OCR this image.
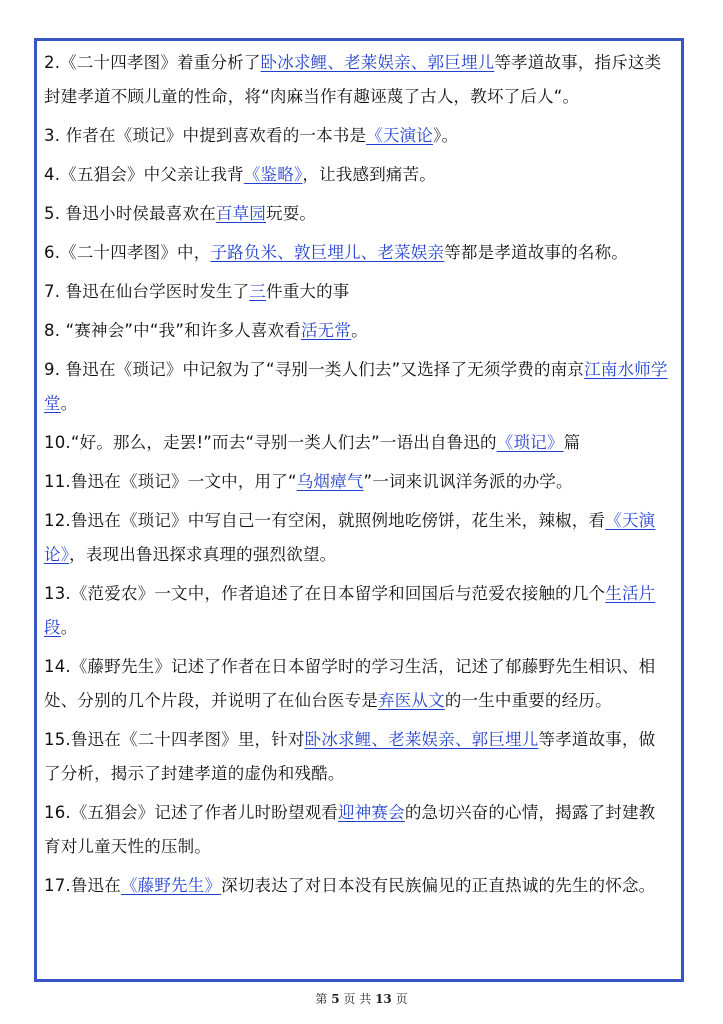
2.《二十四孝图》着重分析了卧冰求鲤、老莱娱亲、郭巨埋儿等孝道故事，指斥这类封建孝道不顾儿童的性命，将“肉麻当作有趣诬蔑了古人，教坏了后人“。

3. 作者在《琐记》中提到喜欢看的一本书是《天演论》。

4.《五猖会》中父亲让我背《鉴略》，让我感到痛苦。

5. 鲁迅小时侯最喜欢在百草园玩耍。

6.《二十四孝图》中，子路负米、敦巨埋儿、老菜娱亲等都是孝道故事的名称。

7. 鲁迅在仙台学医时发生了三件重大的事

8. “赛神会”中“我”和许多人喜欢看活无常。

9. 鲁迅在《琐记》中记叙为了“寻别一类人们去”又选择了无须学费的南京江南水师学堂。

10.“好。那么，走罢!”而去“寻别一类人们去”一语出自鲁迅的《琐记》篇

11.鲁迅在《琐记》一文中，用了“乌烟瘴气”一词来讥讽洋务派的办学。

12.鲁迅在《琐记》中写自己一有空闲，就照例地吃傍饼，花生米，辣椒，看《天演论》，表现出鲁迅探求真理的强烈欲望。

13.《范爱农》一文中，作者追述了在日本留学和回国后与范爱农接触的几个生活片段。

14.《藤野先生》记述了作者在日本留学时的学习生活，记述了郁藤野先生相识、相处、分别的几个片段，并说明了在仙台医专是弃医从文的一生中重要的经历。

15.鲁迅在《二十四孝图》里，针对卧冰求鲤、老莱娱亲、郭巨埋儿等孝道故事，做了分析，揭示了封建孝道的虚伪和残酷。

16.《五猖会》记述了作者儿时盼望观看迎神赛会的急切兴奋的心情，揭露了封建教育对儿童天性的压制。

17.鲁迅在《藤野先生》深切表达了对日本没有民族偏见的正直热诚的先生的怀念。

第 5 页 共 13 页
